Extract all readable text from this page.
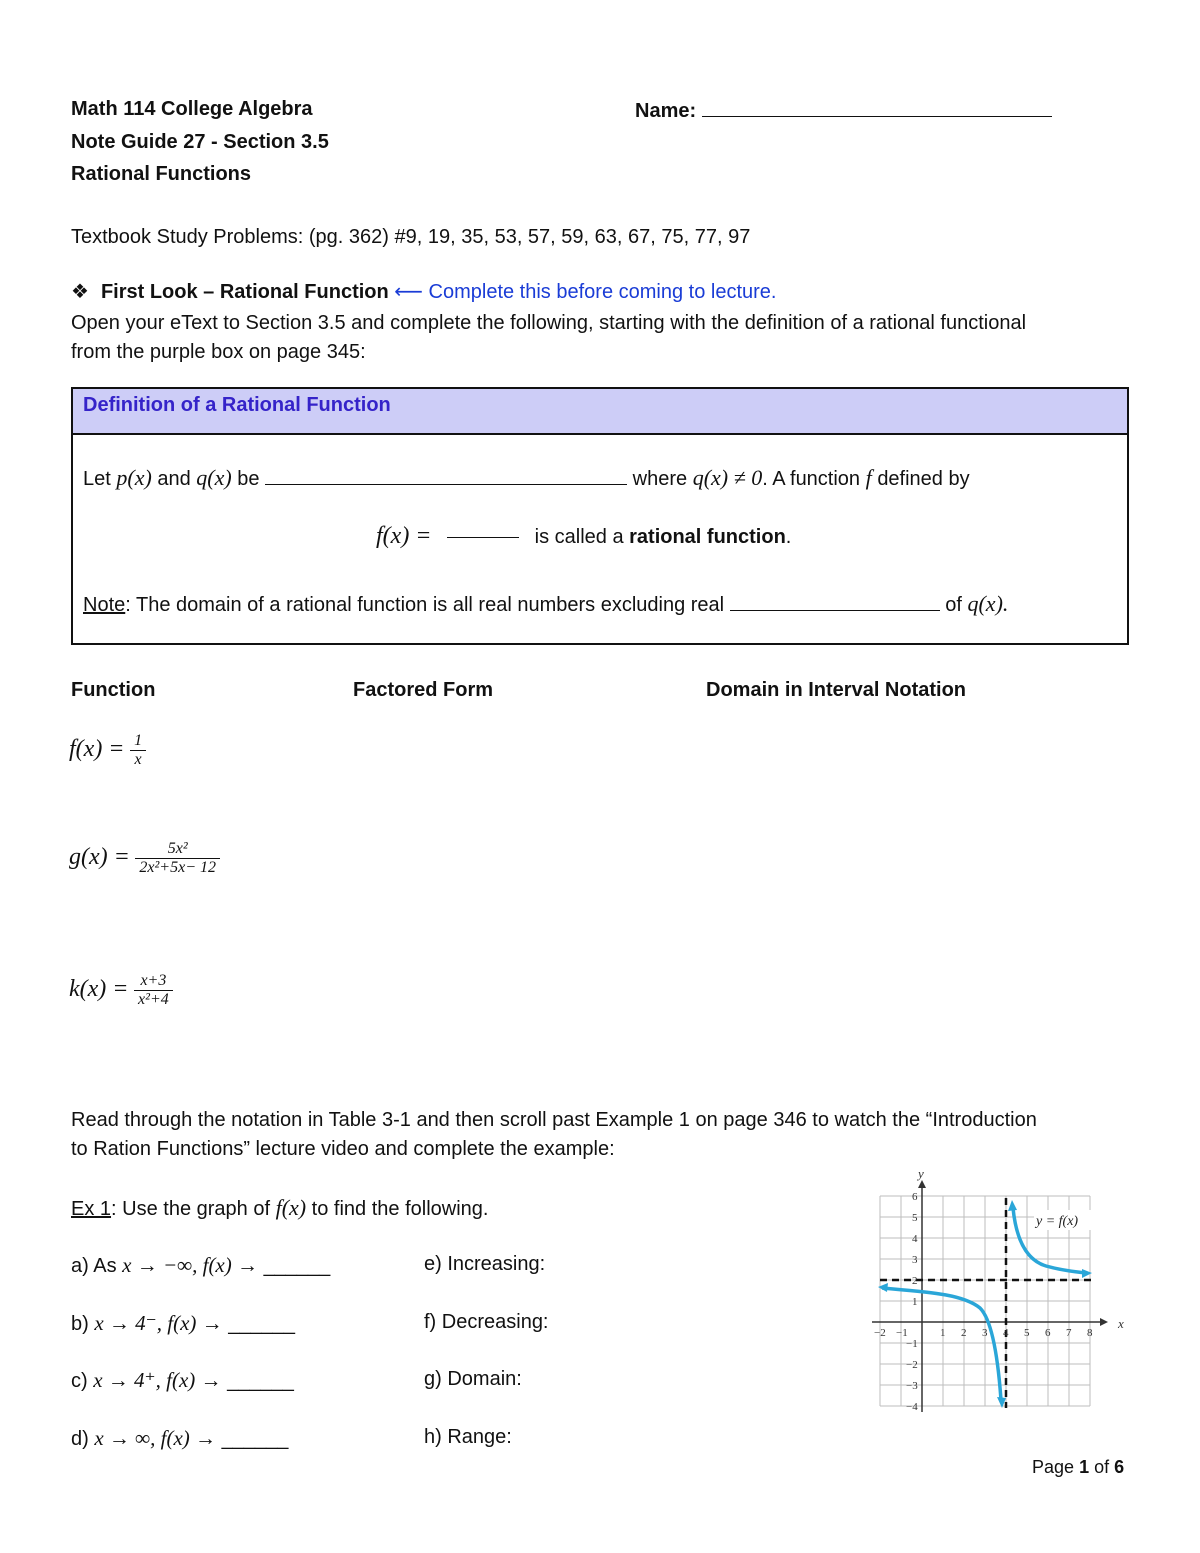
Math 114 College Algebra
Note Guide 27 - Section 3.5
Rational Functions
Name:
Textbook Study Problems: (pg. 362) #9, 19, 35, 53, 57, 59, 63, 67, 75, 77, 97
❖ First Look – Rational Function ⟵ Complete this before coming to lecture.
Open your eText to Section 3.5 and complete the following, starting with the definition of a rational functional
from the purple box on page 345:
Definition of a Rational Function
Let p(x) and q(x) be	where q(x) ≠ 0. A function f defined by
f(x) =	is called a rational function.
Note: The domain of a rational function is all real numbers excluding real	of q(x).
Function	Factored Form	Domain in Interval Notation
$f(x) = \frac{1}{x}$
$g(x) = \frac{\text{5x²}}{\text{2x²+5x− 12}}$
$k(x) = \frac{x+3}{\text{x²+4}}$
Read through the notation in Table 3-1 and then scroll past Example 1 on page 346 to watch the “Introduction
to Ration Functions” lecture video and complete the example:
Ex 1: Use the graph of f(x) to find the following.
a) As x → −∞, f(x) → ______
b) x → 4⁻, f(x) → ______
c) x → 4⁺, f(x) → ______
d) x → ∞, f(x) → ______
e) Increasing:
f) Decreasing:
g) Domain:
h) Range:
x
y
−2 −1	1 2 3 4 5 6 7 8
6
5
4
3
2
1
−1
−2
−3
−4
y = f(x)
Page 1 of 6
